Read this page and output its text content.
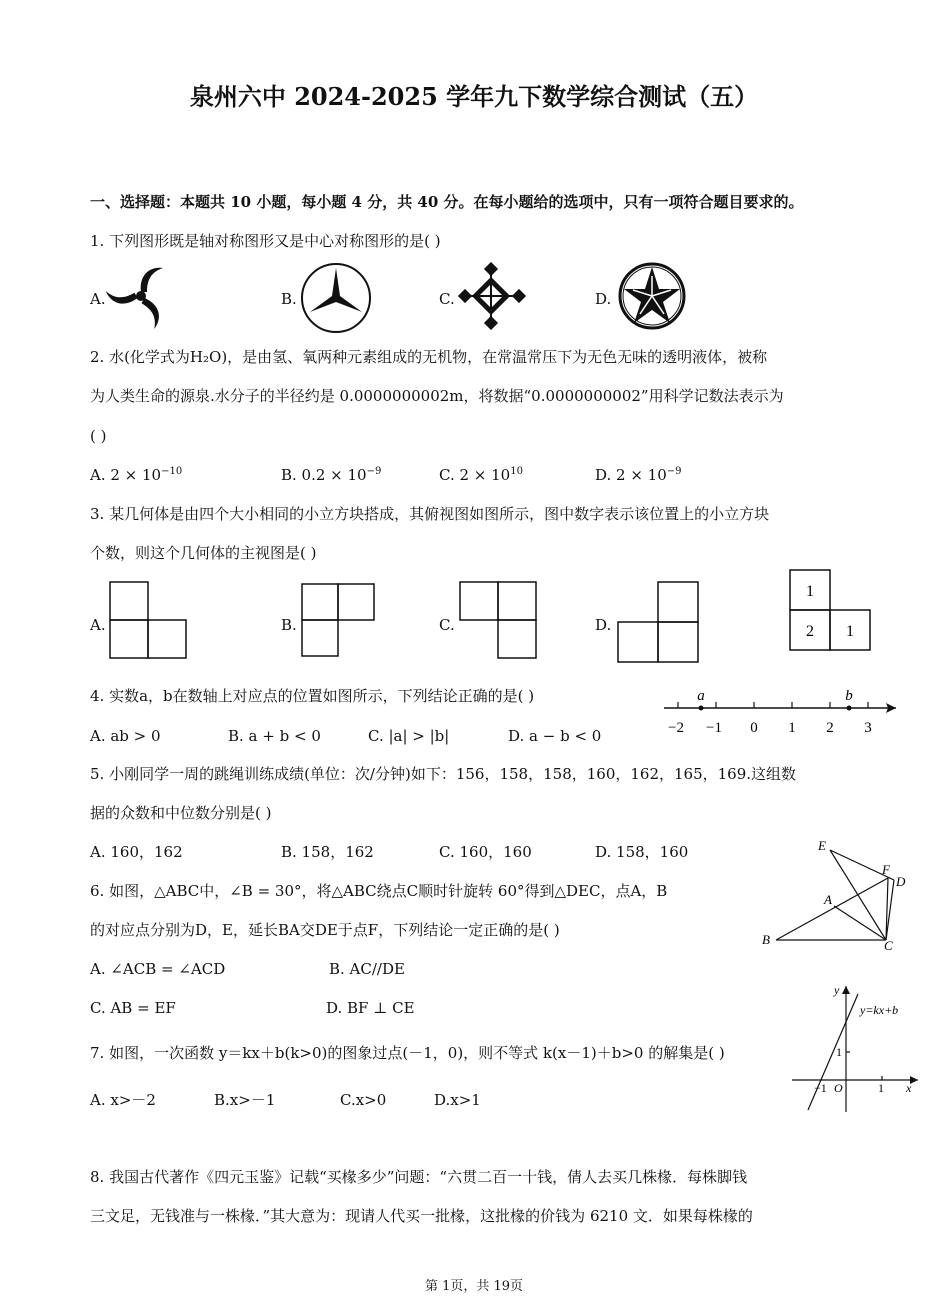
泉州六中 2024-2025 学年九下数学综合测试（五）
一、选择题：本题共 10 小题，每小题 4 分，共 40 分。在每小题给的选项中，只有一项符合题目要求的。
1. 下列图形既是轴对称图形又是中心对称图形的是( )
A.	B.	C.	D.
2. 水(化学式为H₂O)，是由氢、氧两种元素组成的无机物，在常温常压下为无色无味的透明液体，被称
为人类生命的源泉.水分子的半径约是 0.0000000002m，将数据“0.0000000002”用科学记数法表示为
( )
A. $2 \times 10^{-10}$	B. $0.2 \times 10^{-9}$	C. $2 \times 10^{10}$	D. $2 \times 10^{-9}$
3. 某几何体是由四个大小相同的小立方块搭成，其俯视图如图所示，图中数字表示该位置上的小立方块
个数，则这个几何体的主视图是( )
A.	B.	C.	D.
1
2 1
4. 实数a，b在数轴上对应点的位置如图所示，下列结论正确的是( )
A. ab > 0	B. a + b < 0	C. |a| > |b|	D. a − b < 0
a	b
−2 −1 0 1 2 3
5. 小刚同学一周的跳绳训练成绩(单位：次/分钟)如下：156，158，158，160，162，165，169.这组数
据的众数和中位数分别是( )
A. 160，162	B. 158，162	C. 160，160	D. 158，160
6. 如图，△ABC中，∠B = 30°，将△ABC绕点C顺时针旋转 60°得到△DEC，点A，B
的对应点分别为D，E，延长BA交DE于点F，下列结论一定正确的是( )
A. ∠ACB = ∠ACD	B. AC//DE
C. AB = EF	D. BF ⊥ CE
E
F
D
A
B	C
7. 如图，一次函数 y＝kx＋b(k>0)的图象过点(－1，0)，则不等式 k(x－1)＋b>0 的解集是( )
A. x>－2	B.x>－1	C.x>0	D.x>1
y
y=kx+b
1
−1 O	1 x
8. 我国古代著作《四元玉鉴》记载“买椽多少”问题：“六贯二百一十钱，倩人去买几株椽．每株脚钱
三文足，无钱准与一株椽．”其大意为：现请人代买一批椽，这批椽的价钱为 6210 文．如果每株椽的
第 1页，共 19页
